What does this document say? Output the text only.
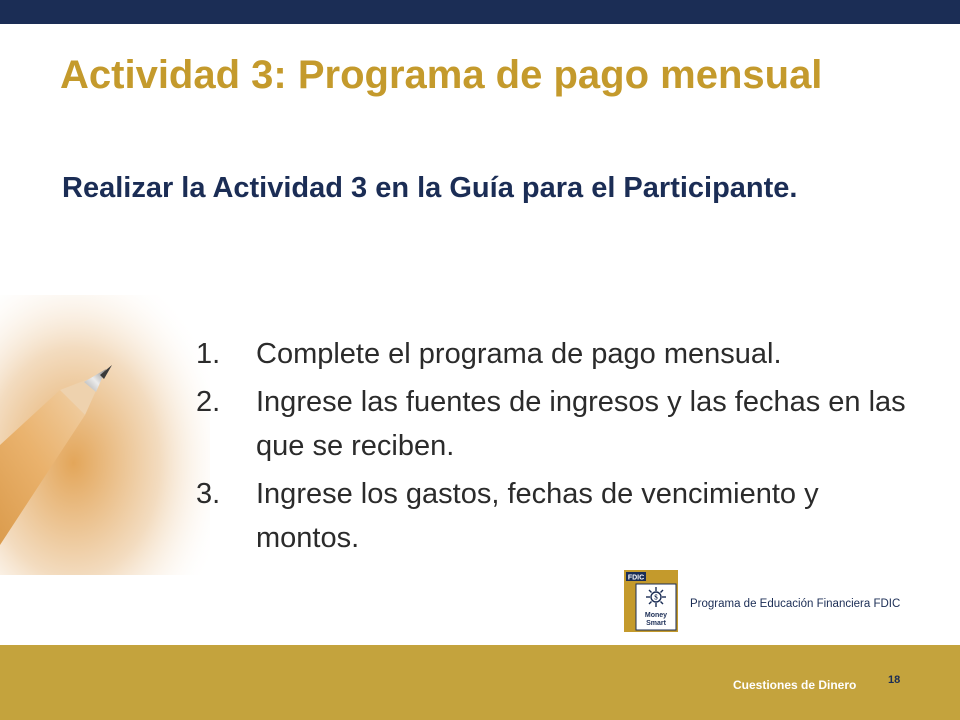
Actividad 3: Programa de pago mensual

Realizar la Actividad 3 en la Guía para el Participante.

1. Complete el programa de pago mensual.
2. Ingrese las fuentes de ingresos y las fechas en las que se reciben.
3. Ingrese los gastos, fechas de vencimiento y montos.
FDIC
$
Money
Smart
Programa de Educación Financiera FDIC
Cuestiones de Dinero	18
